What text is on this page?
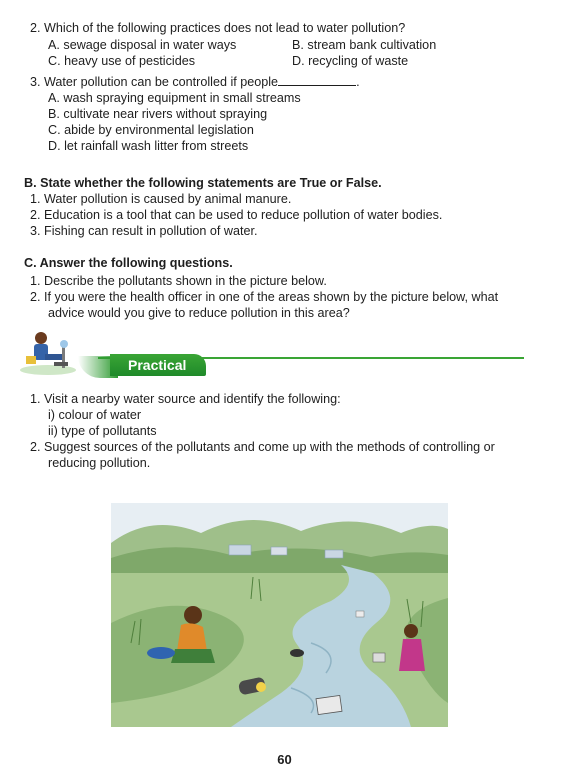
2. Which of the following practices does not lead to water pollution?
A. sewage disposal in water ways	B. stream bank cultivation
C. heavy use of pesticides	D. recycling of waste
3. Water pollution can be controlled if people	.
A. wash spraying equipment in small streams
B. cultivate near rivers without spraying
C. abide by environmental legislation
D. let rainfall wash litter from streets
B. State whether the following statements are True or False.
1. Water pollution is caused by animal manure.
2. Education is a tool that can be used to reduce pollution of water bodies.
3. Fishing can result in pollution of water.
C. Answer the following questions.
1. Describe the pollutants shown in the picture below.
2. If you were the health officer in one of the areas shown by the picture below, what
advice would you give to reduce pollution in this area?
Practical
1. Visit a nearby water source and identify the following:
i) colour of water
ii) type of pollutants
2. Suggest sources of the pollutants and come up with the methods of controlling or
reducing pollution.
60
